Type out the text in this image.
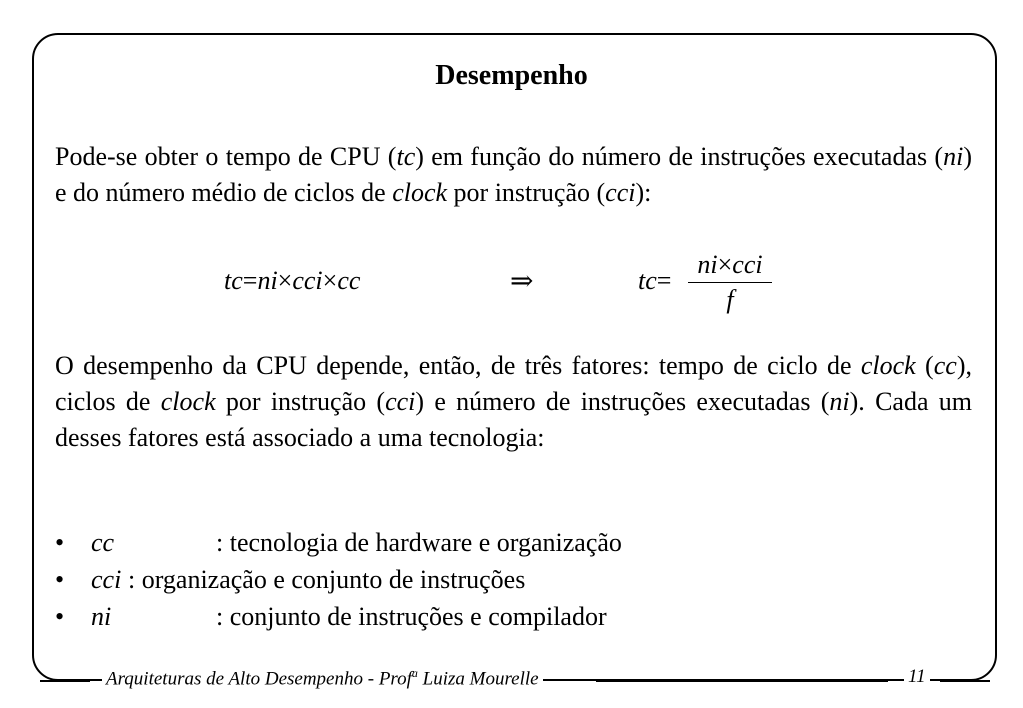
Desempenho

Pode-se obter o tempo de CPU (tc) em função do número de instruções executadas (ni) e do número médio de ciclos de clock por instrução (cci):

tc=ni×cci×cc	⇒	tc=
ni×cci
f

O desempenho da CPU depende, então, de três fatores: tempo de ciclo de clock (cc), ciclos de clock por instrução (cci) e número de instruções executadas (ni). Cada um desses fatores está associado a uma tecnologia:

• cc	: tecnologia de hardware e organização
• cci : organização e conjunto de instruções
• ni	: conjunto de instruções e compilador
Arquiteturas de Alto Desempenho - Prof$^a$ Luiza Mourelle	11
